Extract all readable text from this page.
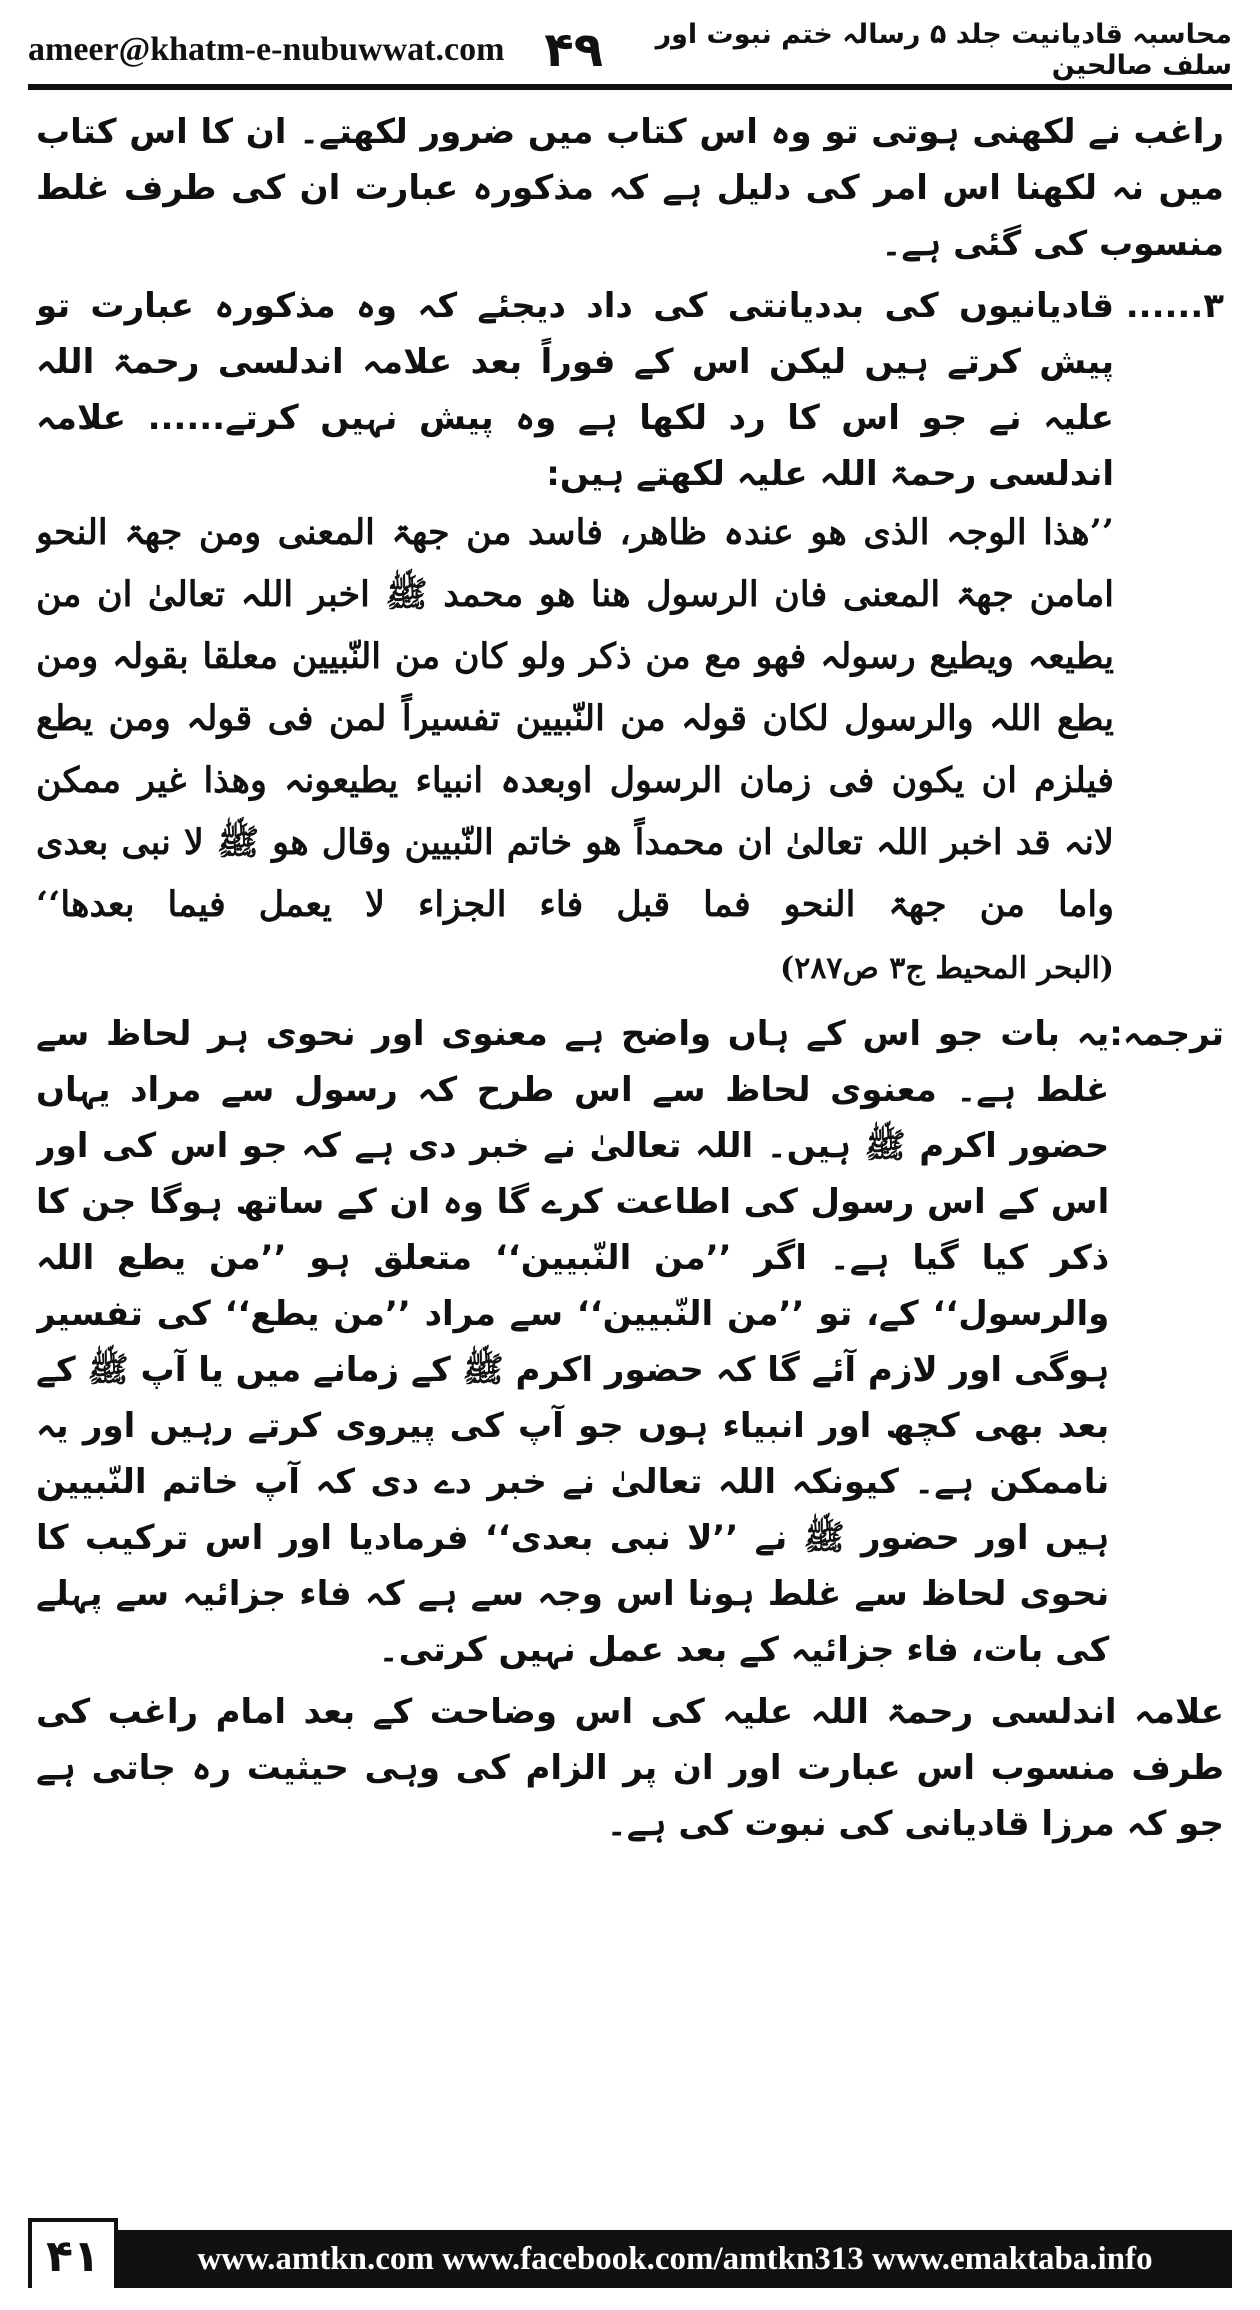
ameer@khatm-e-nubuwwat.com ۴۹	محاسبہ قادیانیت جلد ۵ رسالہ ختم نبوت اور سلف صالحین

راغب نے لکھنی ہوتی تو وہ اس کتاب میں ضرور لکھتے۔ ان کا اس کتاب میں نہ لکھنا اس امر کی دلیل ہے کہ مذکورہ عبارت ان کی طرف غلط منسوب کی گئی ہے۔

۳......

قادیانیوں کی بددیانتی کی داد دیجئے کہ وہ مذکورہ عبارت تو پیش کرتے ہیں لیکن اس کے فوراً بعد علامہ اندلسی رحمۃ اللہ علیہ نے جو اس کا رد لکھا ہے وہ پیش نہیں کرتے...... علامہ اندلسی رحمۃ اللہ علیہ لکھتے ہیں:

’’ھذا الوجہ الذی ھو عندہ ظاھر، فاسد من جھۃ المعنی ومن جھۃ النحو امامن جھۃ المعنی فان الرسول ھنا ھو محمد ﷺ اخبر اللہ تعالیٰ ان من یطیعہ ویطیع رسولہ فھو مع من ذکر ولو کان من النّبیین معلقا بقولہ ومن یطع اللہ والرسول لکان قولہ من النّبیین تفسیراً لمن فی قولہ ومن یطع فیلزم ان یکون فی زمان الرسول اوبعدہ انبیاء یطیعونہ وھذا غیر ممکن لانہ قد اخبر اللہ تعالیٰ ان محمداً ھو خاتم النّبیین وقال ھو ﷺ لا نبی بعدی واما من جھۃ النحو فما قبل فاء الجزاء لا یعمل فیما بعدھا‘‘ (البحر المحیط ج۳ ص۲۸۷)

ترجمہ:

یہ بات جو اس کے ہاں واضح ہے معنوی اور نحوی ہر لحاظ سے غلط ہے۔ معنوی لحاظ سے اس طرح کہ رسول سے مراد یہاں حضور اکرم ﷺ ہیں۔ اللہ تعالیٰ نے خبر دی ہے کہ جو اس کی اور اس کے اس رسول کی اطاعت کرے گا وہ ان کے ساتھ ہوگا جن کا ذکر کیا گیا ہے۔ اگر ’’من النّبیین‘‘ متعلق ہو ’’من یطع اللہ والرسول‘‘ کے، تو ’’من النّبیین‘‘ سے مراد ’’من یطع‘‘ کی تفسیر ہوگی اور لازم آئے گا کہ حضور اکرم ﷺ کے زمانے میں یا آپ ﷺ کے بعد بھی کچھ اور انبیاء ہوں جو آپ کی پیروی کرتے رہیں اور یہ ناممکن ہے۔ کیونکہ اللہ تعالیٰ نے خبر دے دی کہ آپ خاتم النّبیین ہیں اور حضور ﷺ نے ’’لا نبی بعدی‘‘ فرمادیا اور اس ترکیب کا نحوی لحاظ سے غلط ہونا اس وجہ سے ہے کہ فاء جزائیہ سے پہلے کی بات، فاء جزائیہ کے بعد عمل نہیں کرتی۔

علامہ اندلسی رحمۃ اللہ علیہ کی اس وضاحت کے بعد امام راغب کی طرف منسوب اس عبارت اور ان پر الزام کی وہی حیثیت رہ جاتی ہے جو کہ مرزا قادیانی کی نبوت کی ہے۔

۴۱	www.amtkn.com www.facebook.com/amtkn313 www.emaktaba.info
